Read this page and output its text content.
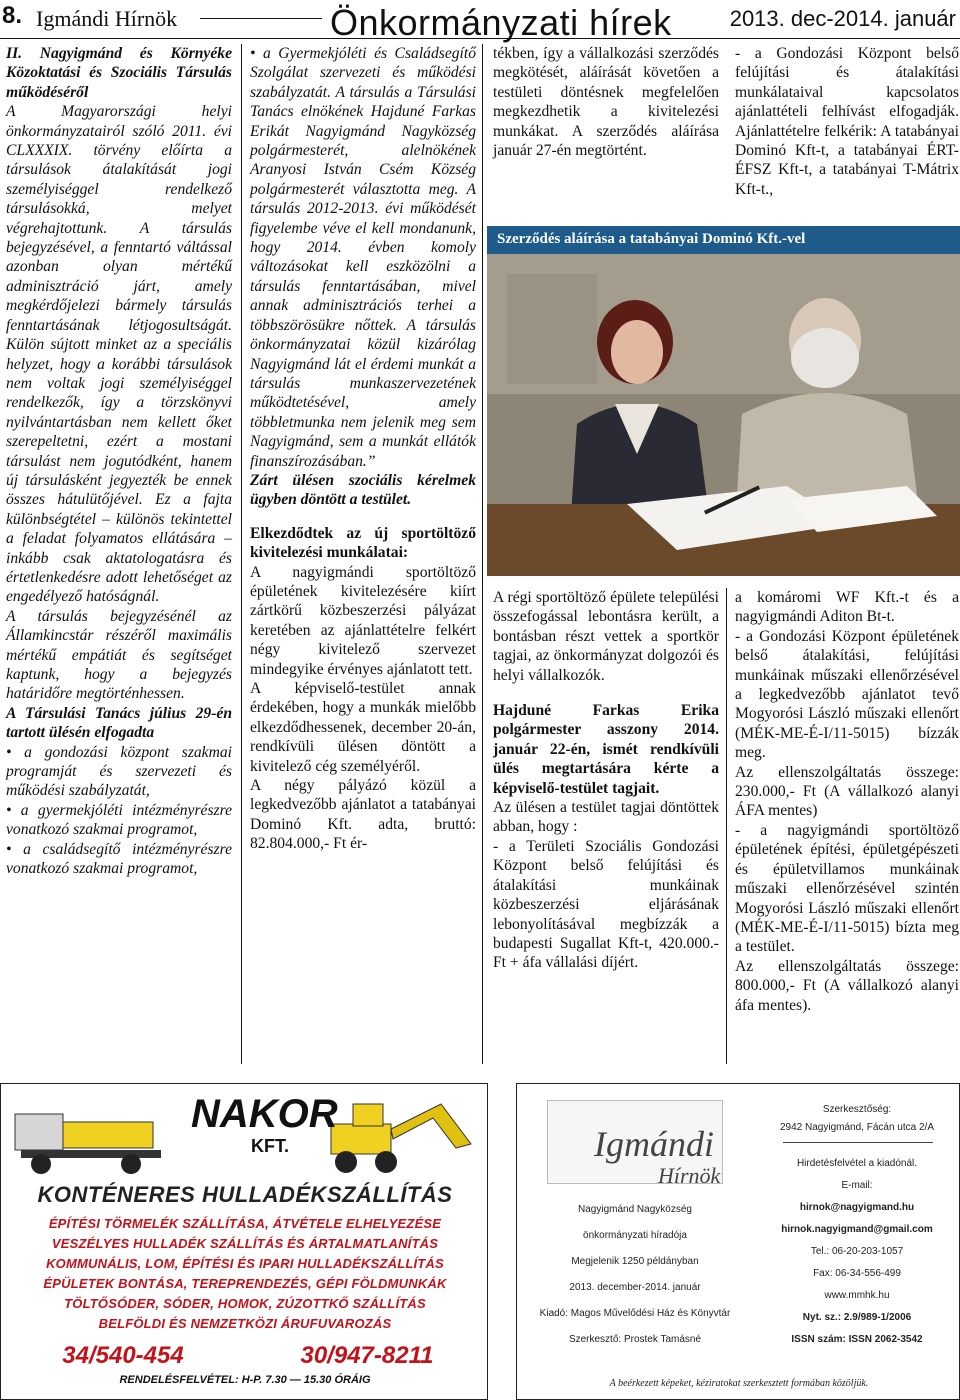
8. Igmándi Hírnök	Önkormányzati hírek	2013. dec-2014. január

II. Nagyigmánd és Környéke Közoktatási és Szociális Társulás működéséről

A Magyarországi helyi önkormányzatairól szóló 2011. évi CLXXXIX. törvény előírta a társulások átalakítását jogi személyiséggel rendelkező társulásokká, melyet végrehajtottunk. A társulás bejegyzésével, a fenntartó váltással azonban olyan mértékű adminisztráció járt, amely megkérdőjelezi bármely társulás fenntartásának létjogosultságát. Külön sújtott minket az a speciális helyzet, hogy a korábbi társulások nem voltak jogi személyiséggel rendelkezők, így a törzskönyvi nyilvántartásban nem kellett őket szerepeltetni, ezért a mostani társulást nem jogutódként, hanem új társulásként jegyezték be ennek összes hátulütőjével. Ez a fajta különbségtétel – különös tekintettel a feladat folyamatos ellátására – inkább csak aktatologatásra és értetlenkedésre adott lehetőséget az engedélyező hatóságnál.

A társulás bejegyzésénél az Államkincstár részéről maximális mértékű empátiát és segítséget kaptunk, hogy a bejegyzés határidőre megtörténhessen.

A Társulási Tanács július 29-én tartott ülésén elfogadta

• a gondozási központ szakmai programját és szervezeti és működési szabályzatát,

• a gyermekjóléti intézményrészre vonatkozó szakmai programot,

• a családsegítő intézményrészre vonatkozó szakmai programot,

• a Gyermekjóléti és Családsegítő Szolgálat szervezeti és működési szabályzatát. A társulás a Társulási Tanács elnökének Hajduné Farkas Erikát Nagyigmánd Nagyközség polgármesterét, alelnökének Aranyosi István Csém Község polgármesterét választotta meg. A társulás 2012-2013. évi működését figyelembe véve el kell mondanunk, hogy 2014. évben komoly változásokat kell eszközölni a társulás fenntartásában, mivel annak adminisztrációs terhei a többszörösükre nőttek. A társulás önkormányzatai közül kizárólag Nagyigmánd lát el érdemi munkát a társulás munkaszervezetének működtetésével, amely többletmunka nem jelenik meg sem Nagyigmánd, sem a munkát ellátók finanszírozásában.”

Zárt ülésen szociális kérelmek ügyben döntött a testület.

Elkezdődtek az új sportöltöző kivitelezési munkálatai:

A nagyigmándi sportöltöző épületének kivitelezésére kiírt zártkörű közbeszerzési pályázat keretében az ajánlattételre felkért négy kivitelező szervezet mindegyike érvényes ajánlatott tett.

A képviselő-testület annak érdekében, hogy a munkák mielőbb elkezdődhessenek, december 20-án, rendkívüli ülésen döntött a kivitelező cég személyéről.

A négy pályázó közül a legkedvezőbb ajánlatot a tatabányai Dominó Kft. adta, bruttó: 82.804.000,- Ft ér-

tékben, így a vállalkozási szerződés megkötését, aláírását követően a testületi döntésnek megfelelően megkezdhetik a kivitelezési munkákat. A szerződés aláírása január 27-én megtörtént.

- a Gondozási Központ belső felújítási és átalakítási munkálataival kapcsolatos ajánlattételi felhívást elfogadják. Ajánlattételre felkérik: A tatabányai Dominó Kft-t, a tatabányai ÉRT-ÉFSZ Kft-t, a tatabányai T-Mátrix Kft-t.,

Szerződés aláírása a tatabányai Dominó Kft.-vel

A régi sportöltöző épülete települési összefogással lebontásra került, a bontásban részt vettek a sportkör tagjai, az önkormányzat dolgozói és helyi vállalkozók.

Hajduné Farkas Erika polgármester asszony 2014. január 22-én, ismét rendkívüli ülés megtartására kérte a képviselő-testület tagjait.

Az ülésen a testület tagjai döntöttek abban, hogy :

- a Területi Szociális Gondozási Központ belső felújítási és átalakítási munkáinak közbeszerzési eljárásának lebonyolításával megbízzák a budapesti Sugallat Kft-t, 420.000.-Ft + áfa vállalási díjért.

a komáromi WF Kft.-t és a nagyigmándi Aditon Bt-t.

- a Gondozási Központ épületének belső átalakítási, felújítási munkáinak műszaki ellenőrzésével a legkedvezőbb ajánlatot tevő Mogyorósi László műszaki ellenőrt (MÉK-ME-É-I/11-5015) bízzák meg.

Az ellenszolgáltatás összege: 230.000,- Ft (A vállalkozó alanyi ÁFA mentes)

- a nagyigmándi sportöltöző épületének építési, épületgépészeti és épületvillamos munkáinak műszaki ellenőrzésével szintén Mogyorósi László műszaki ellenőrt (MÉK-ME-É-I/11-5015) bízta meg a testület.

Az ellenszolgáltatás összege: 800.000,- Ft (A vállalkozó alanyi áfa mentes).

NAKOR
KFT.
KONTÉNERES HULLADÉKSZÁLLÍTÁS
ÉPÍTÉSI TÖRMELÉK SZÁLLÍTÁSA, ÁTVÉTELE ELHELYEZÉSE
VESZÉLYES HULLADÉK SZÁLLÍTÁS ÉS ÁRTALMATLANÍTÁS
KOMMUNÁLIS, LOM, ÉPÍTÉSI ÉS IPARI HULLADÉKSZÁLLÍTÁS
ÉPÜLETEK BONTÁSA, TEREPRENDEZÉS, GÉPI FÖLDMUNKÁK
TÖLTŐSÓDER, SÓDER, HOMOK, ZÚZOTTKŐ SZÁLLÍTÁS
BELFÖLDI ÉS NEMZETKÖZI ÁRUFUVAROZÁS
34/540-454	30/947-8211
RENDELÉSFELVÉTEL: H-P. 7.30 — 15.30 ÓRÁIG
Igmándi
Hírnök
Nagyigmánd Nagyközség
önkormányzati híradója
Megjelenik 1250 példányban
2013. december-2014. január
Kiadó: Magos Művelődési Ház és Könyvtár
Szerkesztő: Prostek Tamásné
Szerkesztőség:
2942 Nagyigmánd, Fácán utca 2/A
Hirdetésfelvétel a kiadónál.
E-mail:
hirnok@nagyigmand.hu
hirnok.nagyigmand@gmail.com
Tel.: 06-20-203-1057
Fax: 06-34-556-499
www.mmhk.hu
Nyt. sz.: 2.9/989-1/2006
ISSN szám: ISSN 2062-3542
A beérkezett képeket, kéziratokat szerkesztett formában közöljük.
